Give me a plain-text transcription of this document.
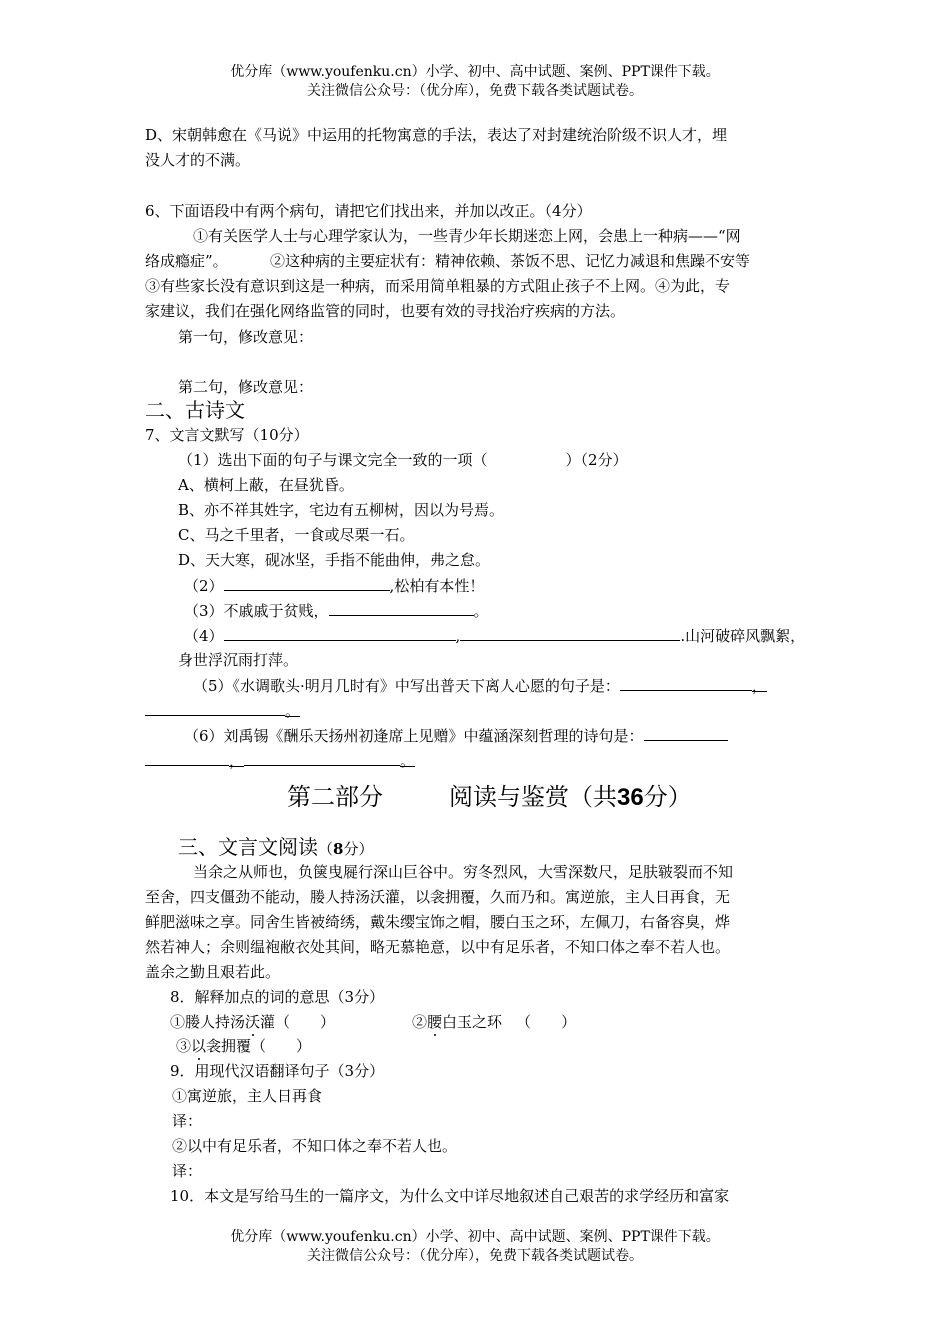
优分库（www.youfenku.cn）小学、初中、高中试题、案例、PPT课件下载。
关注微信公众号：（优分库），免费下载各类试题试卷。
D、宋朝韩愈在《马说》中运用的托物寓意的手法，表达了对封建统治阶级不识人才，埋
没人才的不满。
6、下面语段中有两个病句，请把它们找出来，并加以改正。（4分）
①有关医学人士与心理学家认为，一些青少年长期迷恋上网，会患上一种病——“网
络成瘾症”。	②这种病的主要症状有：精神依赖、茶饭不思、记忆力减退和焦躁不安等
③有些家长没有意识到这是一种病，而采用简单粗暴的方式阻止孩子不上网。④为此，专
家建议，我们在强化网络监管的同时，也要有效的寻找治疗疾病的方法。
第一句，修改意见：
第二句，修改意见：
二、古诗文
7、文言文默写（10分）
（1）选出下面的句子与课文完全一致的一项（	）（2分）
A、横柯上蔽，在昼犹昏。
B、亦不祥其姓字，宅边有五柳树，因以为号焉。
C、马之千里者，一食或尽栗一石。
D、天大寒，砚冰坚，手指不能曲伸，弗之怠。
（2）	,松柏有本性！
（3）不戚戚于贫贱，	。
（4）	,	.山河破碎风飘絮，
身世浮沉雨打萍。
（5）《水调歌头·明月几时有》中写出普天下离人心愿的句子是：	，
。
（6）刘禹锡《酬乐天扬州初逢席上见赠》中蕴涵深刻哲理的诗句是：
，	。
第二部分	阅读与鉴赏（共36分）
三、文言文阅读（8分）
当余之从师也，负箧曳屣行深山巨谷中。穷冬烈风，大雪深数尺，足肤皲裂而不知
至舍，四支僵劲不能动，媵人持汤沃灌，以衾拥覆，久而乃和。寓逆旅，主人日再食，无
鲜肥滋味之享。同舍生皆被绮绣，戴朱缨宝饰之帽，腰白玉之环，左佩刀，右备容臭，烨
然若神人；余则缊袍敝衣处其间，略无慕艳意，以中有足乐者，不知口体之奉不若人也。
盖余之勤且艰若此。
8．解释加点的词的意思（3分）
①媵人持汤沃灌（ ）	②腰白玉之环 （ ）
③以衾拥覆（ ）
9．用现代汉语翻译句子（3分）
①寓逆旅，主人日再食
译：
②以中有足乐者，不知口体之奉不若人也。
译：
10．本文是写给马生的一篇序文，为什么文中详尽地叙述自己艰苦的求学经历和富家
优分库（www.youfenku.cn）小学、初中、高中试题、案例、PPT课件下载。
关注微信公众号：（优分库），免费下载各类试题试卷。
